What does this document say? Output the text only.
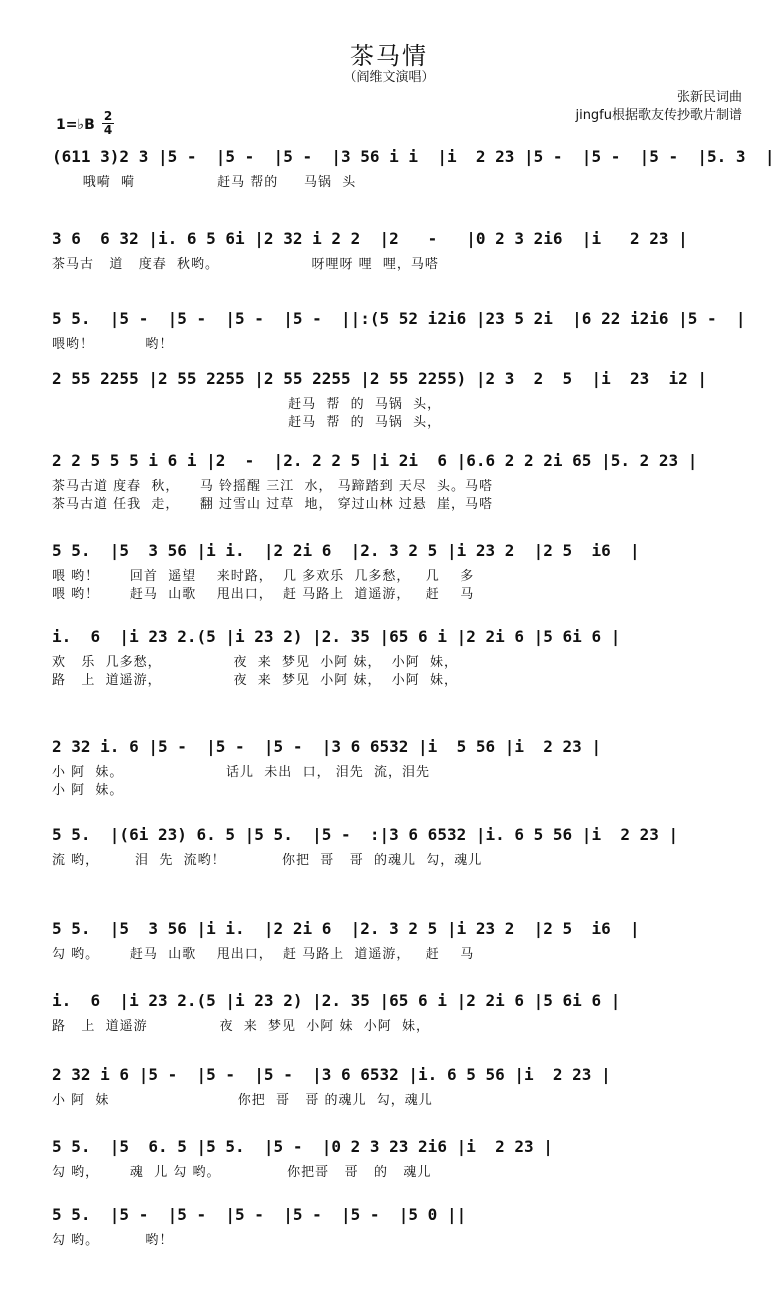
茶马情
（阎维文演唱）
张新民词曲
jingfu根据歌友传抄歌片制谱
1=♭B
2
4
(611 3)2 3 |5 -  |5 -  |5 -  |3 56 i i  |i  2 23 |5 -  |5 -  |5 -  |5. 3  |
哦嗬  嗬                赶马 帮的     马锅  头
3 6  6 32 |i. 6 5 6i |2 32 i 2 2  |2   -   |0 2 3 2i6  |i   2 23 |
茶马古   道   度春  秋哟。                  呀哩呀 哩  哩，马嗒
5 5.  |5 -  |5 -  |5 -  |5 -  ||:(5 52 i2i6 |23 5 2i  |6 22 i2i6 |5 -  |
喂哟！          哟！
2 55 2255 |2 55 2255 |2 55 2255 |2 55 2255) |2 3  2  5  |i  23  i2 |
赶马  帮  的  马锅  头，
赶马  帮  的  马锅  头，
2 2 5 5 5 i 6 i |2  -  |2. 2 2 5 |i 2i  6 |6.6 2 2 2i 65 |5. 2 23 |
茶马古道 度春  秋，    马 铃摇醒 三江  水， 马蹄踏到 天尽  头。马嗒
茶马古道 任我  走，    翻 过雪山 过草  地， 穿过山林 过悬  崖，马嗒
5 5.  |5  3 56 |i i.  |2 2i 6  |2. 3 2 5 |i 23 2  |2 5  i6  |
喂 哟！      回首  遥望    来时路，  几 多欢乐  几多愁，   几    多
喂 哟！      赶马  山歌    甩出口，  赶 马路上  道遥游，   赶    马
i.  6  |i 23 2.(5 |i 23 2) |2. 35 |65 6 i |2 2i 6 |5 6i 6 |
欢   乐  几多愁，              夜  来  梦见  小阿 妹，  小阿  妹，
路   上  道遥游，              夜  来  梦见  小阿 妹，  小阿  妹，
2 32 i. 6 |5 -  |5 -  |5 -  |3 6 6532 |i  5 56 |i  2 23 |
小 阿  妹。                    话儿  未出  口， 泪先  流，泪先
小 阿  妹。
5 5.  |(6i 23) 6. 5 |5 5.  |5 -  :|3 6 6532 |i. 6 5 56 |i  2 23 |
流 哟，       泪  先  流哟！           你把  哥   哥  的魂儿  勾，魂儿
5 5.  |5  3 56 |i i.  |2 2i 6  |2. 3 2 5 |i 23 2  |2 5  i6  |
勾 哟。      赶马  山歌    甩出口，  赶 马路上  道遥游，   赶    马
i.  6  |i 23 2.(5 |i 23 2) |2. 35 |65 6 i |2 2i 6 |5 6i 6 |
路   上  道遥游              夜  来  梦见  小阿 妹  小阿  妹，
2 32 i 6 |5 -  |5 -  |5 -  |3 6 6532 |i. 6 5 56 |i  2 23 |
小 阿  妹                         你把  哥   哥 的魂儿  勾，魂儿
5 5.  |5  6. 5 |5 5.  |5 -  |0 2 3 23 2i6 |i  2 23 |
勾 哟，      魂  儿 勾 哟。             你把哥   哥   的   魂儿
5 5.  |5 -  |5 -  |5 -  |5 -  |5 -  |5 0 ||
勾 哟。         哟！
